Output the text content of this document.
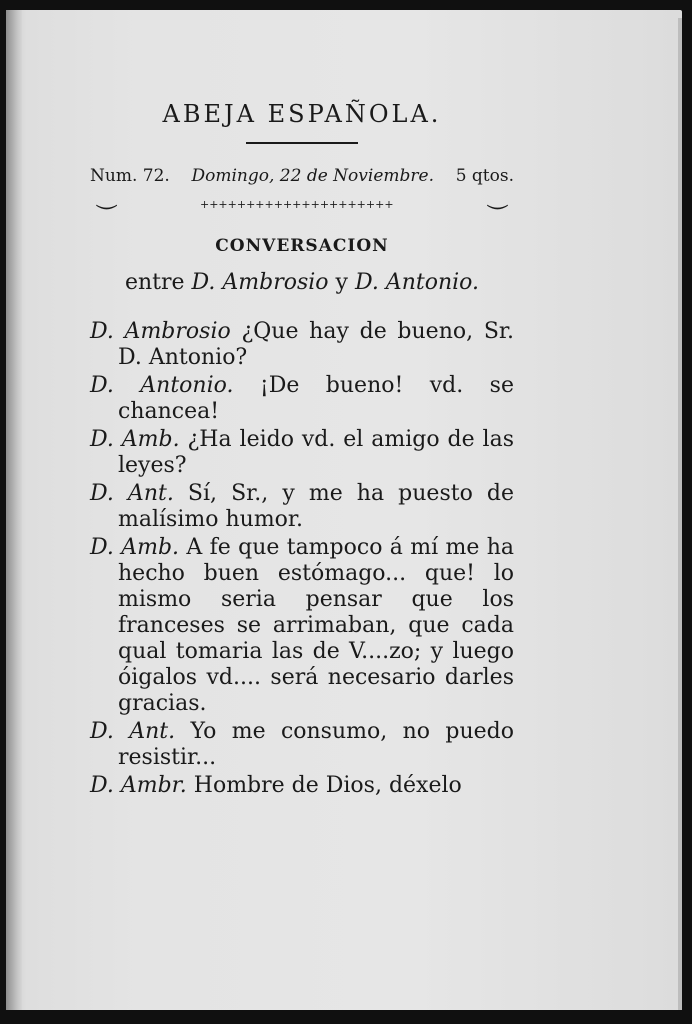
ABEJA ESPAÑOLA.
Num. 72. Domingo, 22 de Noviembre. 5 qtos.
⏝	+++++++++++++++++++++	⏝
CONVERSACION
entre D. Ambrosio y D. Antonio.

D. Ambrosio ¿Que hay de bueno, Sr. D. Antonio?

D. Antonio. ¡De bueno! vd. se chancea!

D. Amb. ¿Ha leido vd. el amigo de las leyes?

D. Ant. Sí, Sr., y me ha puesto de malísimo humor.

D. Amb. A fe que tampoco á mí me ha hecho buen estómago... que! lo mismo seria pensar que los franceses se arrimaban, que cada qual tomaria las de V....zo; y luego óigalos vd.... será necesario darles gracias.

D. Ant. Yo me consumo, no puedo resistir...

D. Ambr. Hombre de Dios, déxelo
